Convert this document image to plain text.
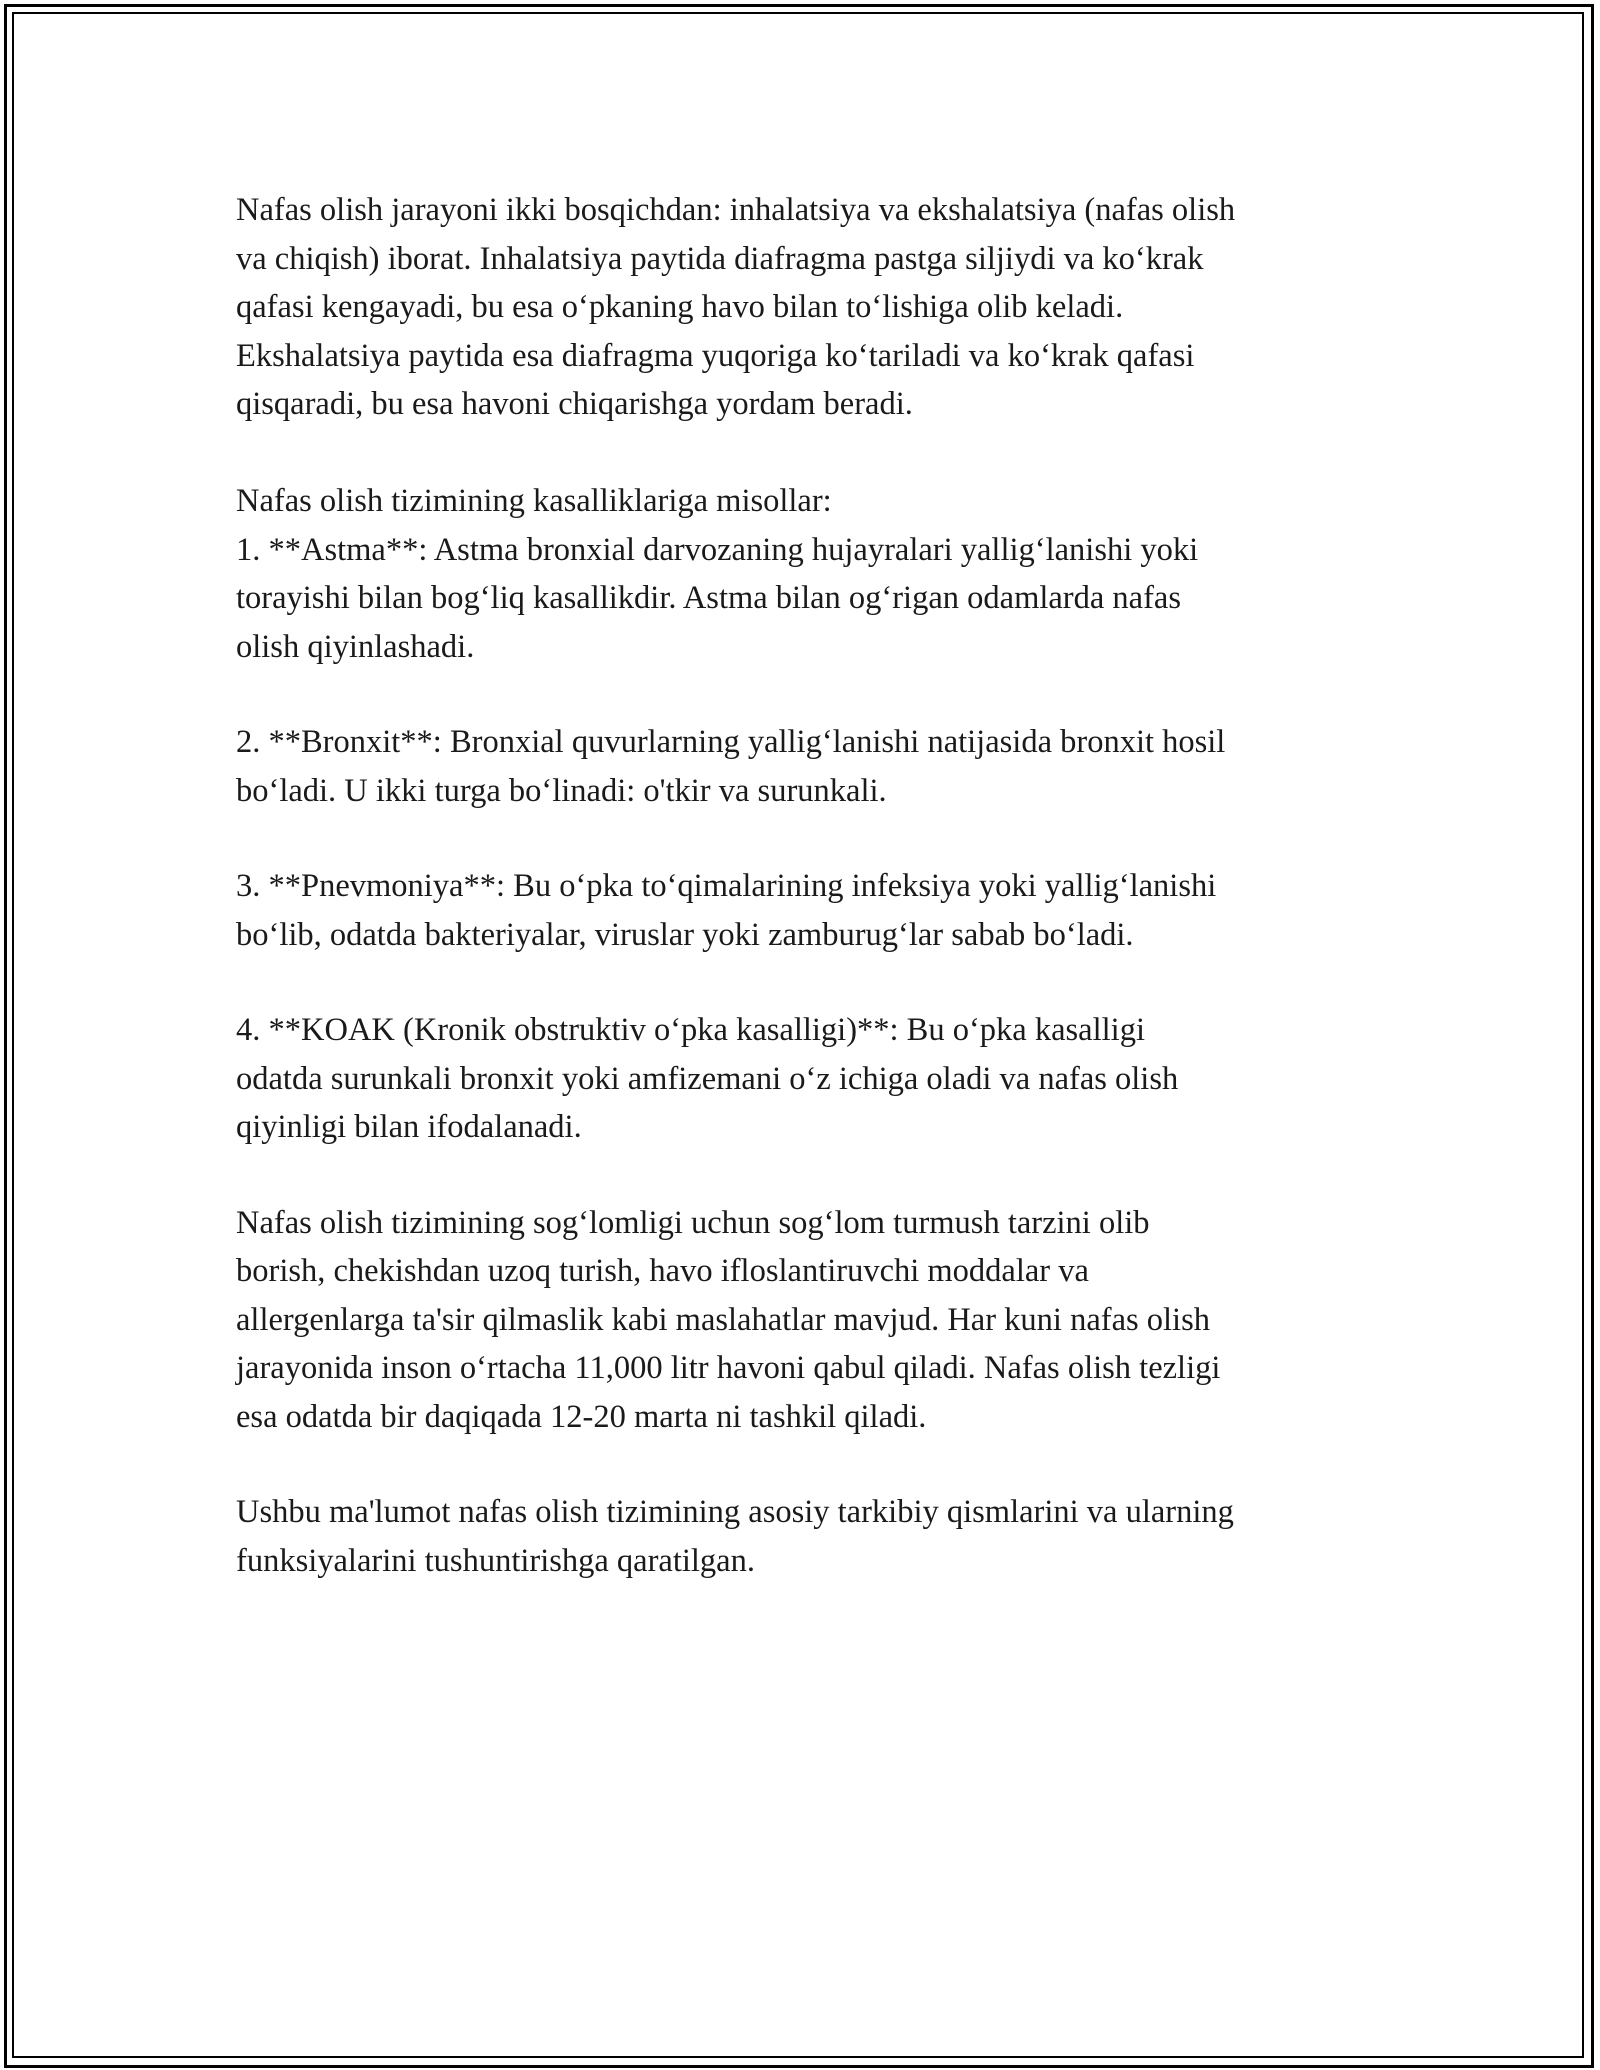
Nafas olish jarayoni ikki bosqichdan: inhalatsiya va ekshalatsiya (nafas olish
va chiqish) iborat. Inhalatsiya paytida diafragma pastga siljiydi va ko‘krak
qafasi kengayadi, bu esa o‘pkaning havo bilan to‘lishiga olib keladi.
Ekshalatsiya paytida esa diafragma yuqoriga ko‘tariladi va ko‘krak qafasi
qisqaradi, bu esa havoni chiqarishga yordam beradi.

Nafas olish tizimining kasalliklariga misollar:

1. **Astma**: Astma bronxial darvozaning hujayralari yallig‘lanishi yoki
torayishi bilan bog‘liq kasallikdir. Astma bilan og‘rigan odamlarda nafas
olish qiyinlashadi.
2. **Bronxit**: Bronxial quvurlarning yallig‘lanishi natijasida bronxit hosil
bo‘ladi. U ikki turga bo‘linadi: o'tkir va surunkali.
3. **Pnevmoniya**: Bu o‘pka to‘qimalarining infeksiya yoki yallig‘lanishi
bo‘lib, odatda bakteriyalar, viruslar yoki zamburug‘lar sabab bo‘ladi.
4. **KOAK (Kronik obstruktiv o‘pka kasalligi)**: Bu o‘pka kasalligi
odatda surunkali bronxit yoki amfizemani o‘z ichiga oladi va nafas olish
qiyinligi bilan ifodalanadi.

Nafas olish tizimining sog‘lomligi uchun sog‘lom turmush tarzini olib
borish, chekishdan uzoq turish, havo ifloslantiruvchi moddalar va
allergenlarga ta'sir qilmaslik kabi maslahatlar mavjud. Har kuni nafas olish
jarayonida inson o‘rtacha 11,000 litr havoni qabul qiladi. Nafas olish tezligi
esa odatda bir daqiqada 12-20 marta ni tashkil qiladi.

Ushbu ma'lumot nafas olish tizimining asosiy tarkibiy qismlarini va ularning
funksiyalarini tushuntirishga qaratilgan.
